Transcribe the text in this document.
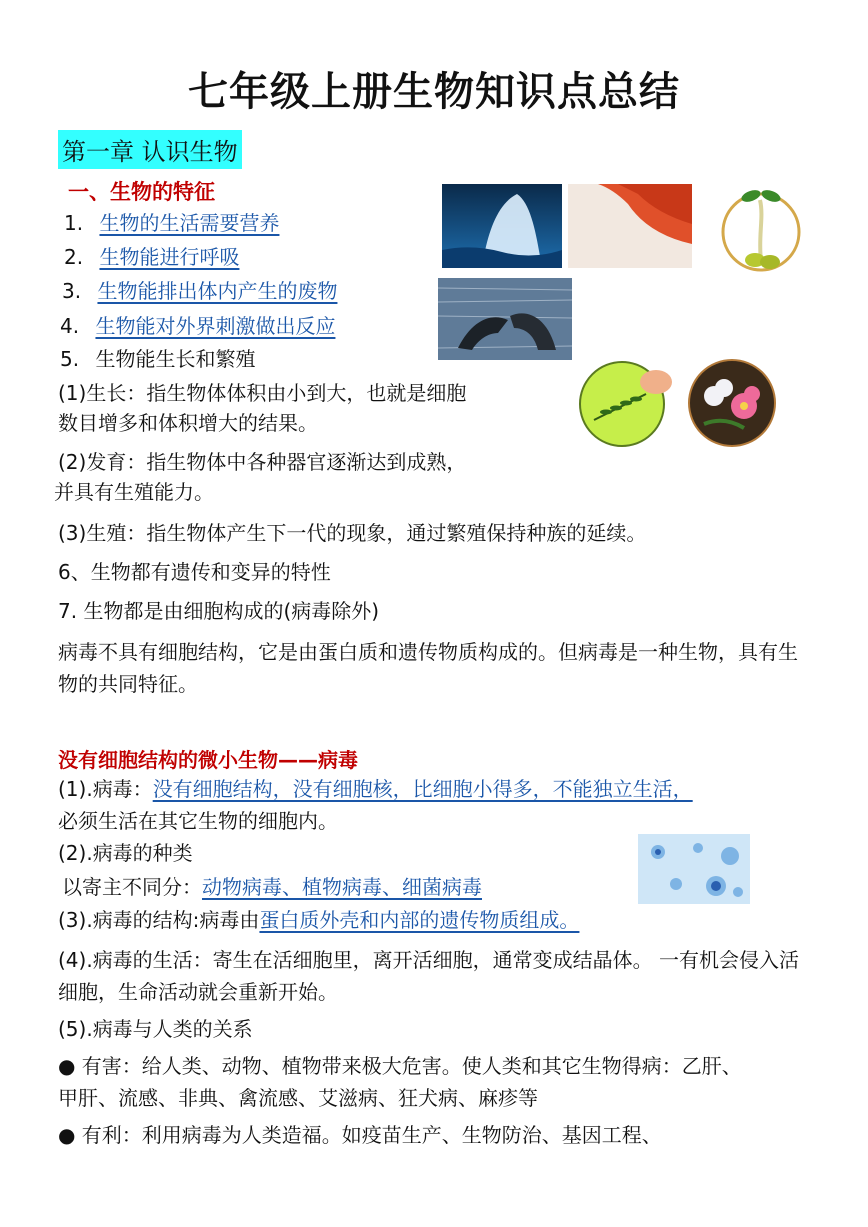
七年级上册生物知识点总结
第一章 认识生物
一、生物的特征
1. 生物的生活需要营养
2. 生物能进行呼吸
3. 生物能排出体内产生的废物
4. 生物能对外界刺激做出反应
5. 生物能生长和繁殖
(1)生长：指生物体体积由小到大，也就是细胞
数目增多和体积增大的结果。
(2)发育：指生物体中各种器官逐渐达到成熟，
并具有生殖能力。
(3)生殖：指生物体产生下一代的现象，通过繁殖保持种族的延续。
6、生物都有遗传和变异的特性
7. 生物都是由细胞构成的(病毒除外)
病毒不具有细胞结构，它是由蛋白质和遗传物质构成的。但病毒是一种生物，具有生物的共同特征。
没有细胞结构的微小生物——病毒
(1).病毒：没有细胞结构，没有细胞核，比细胞小得多，不能独立生活，
必须生活在其它生物的细胞内。
(2).病毒的种类
以寄主不同分：动物病毒、植物病毒、细菌病毒
(3).病毒的结构:病毒由蛋白质外壳和内部的遗传物质组成。
(4).病毒的生活：寄生在活细胞里，离开活细胞，通常变成结晶体。 一有机会侵入活细胞，生命活动就会重新开始。
(5).病毒与人类的关系
● 有害：给人类、动物、植物带来极大危害。使人类和其它生物得病：乙肝、甲肝、流感、非典、禽流感、艾滋病、狂犬病、麻疹等
● 有利：利用病毒为人类造福。如疫苗生产、生物防治、基因工程、
